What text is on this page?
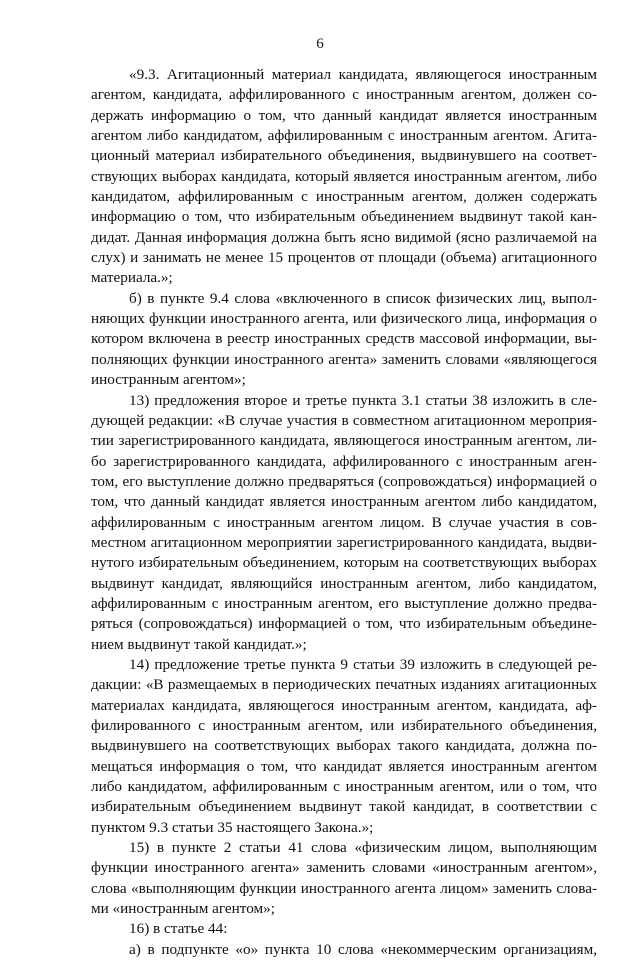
6
«9.3. Агитационный материал кандидата, являющегося иностранным
агентом, кандидата, аффилированного с иностранным агентом, должен со-
держать информацию о том, что данный кандидат является иностранным
агентом либо кандидатом, аффилированным с иностранным агентом. Агита-
ционный материал избирательного объединения, выдвинувшего на соответ-
ствующих выборах кандидата, который является иностранным агентом, либо
кандидатом, аффилированным с иностранным агентом, должен содержать
информацию о том, что избирательным объединением выдвинут такой кан-
дидат. Данная информация должна быть ясно видимой (ясно различаемой на
слух) и занимать не менее 15 процентов от площади (объема) агитационного
материала.»;
б) в пункте 9.4 слова «включенного в список физических лиц, выпол-
няющих функции иностранного агента, или физического лица, информация о
котором включена в реестр иностранных средств массовой информации, вы-
полняющих функции иностранного агента» заменить словами «являющегося
иностранным агентом»;
13) предложения второе и третье пункта 3.1 статьи 38 изложить в сле-
дующей редакции: «В случае участия в совместном агитационном мероприя-
тии зарегистрированного кандидата, являющегося иностранным агентом, ли-
бо зарегистрированного кандидата, аффилированного с иностранным аген-
том, его выступление должно предваряться (сопровождаться) информацией о
том, что данный кандидат является иностранным агентом либо кандидатом,
аффилированным с иностранным агентом лицом. В случае участия в сов-
местном агитационном мероприятии зарегистрированного кандидата, выдви-
нутого избирательным объединением, которым на соответствующих выборах
выдвинут кандидат, являющийся иностранным агентом, либо кандидатом,
аффилированным с иностранным агентом, его выступление должно предва-
ряться (сопровождаться) информацией о том, что избирательным объедине-
нием выдвинут такой кандидат.»;
14) предложение третье пункта 9 статьи 39 изложить в следующей ре-
дакции: «В размещаемых в периодических печатных изданиях агитационных
материалах кандидата, являющегося иностранным агентом, кандидата, аф-
филированного с иностранным агентом, или избирательного объединения,
выдвинувшего на соответствующих выборах такого кандидата, должна по-
мещаться информация о том, что кандидат является иностранным агентом
либо кандидатом, аффилированным с иностранным агентом, или о том, что
избирательным объединением выдвинут такой кандидат, в соответствии с
пунктом 9.3 статьи 35 настоящего Закона.»;
15) в пункте 2 статьи 41 слова «физическим лицом, выполняющим
функции иностранного агента» заменить словами «иностранным агентом»,
слова «выполняющим функции иностранного агента лицом» заменить слова-
ми «иностранным агентом»;
16) в статье 44:
а) в подпункте «о» пункта 10 слова «некоммерческим организациям,
